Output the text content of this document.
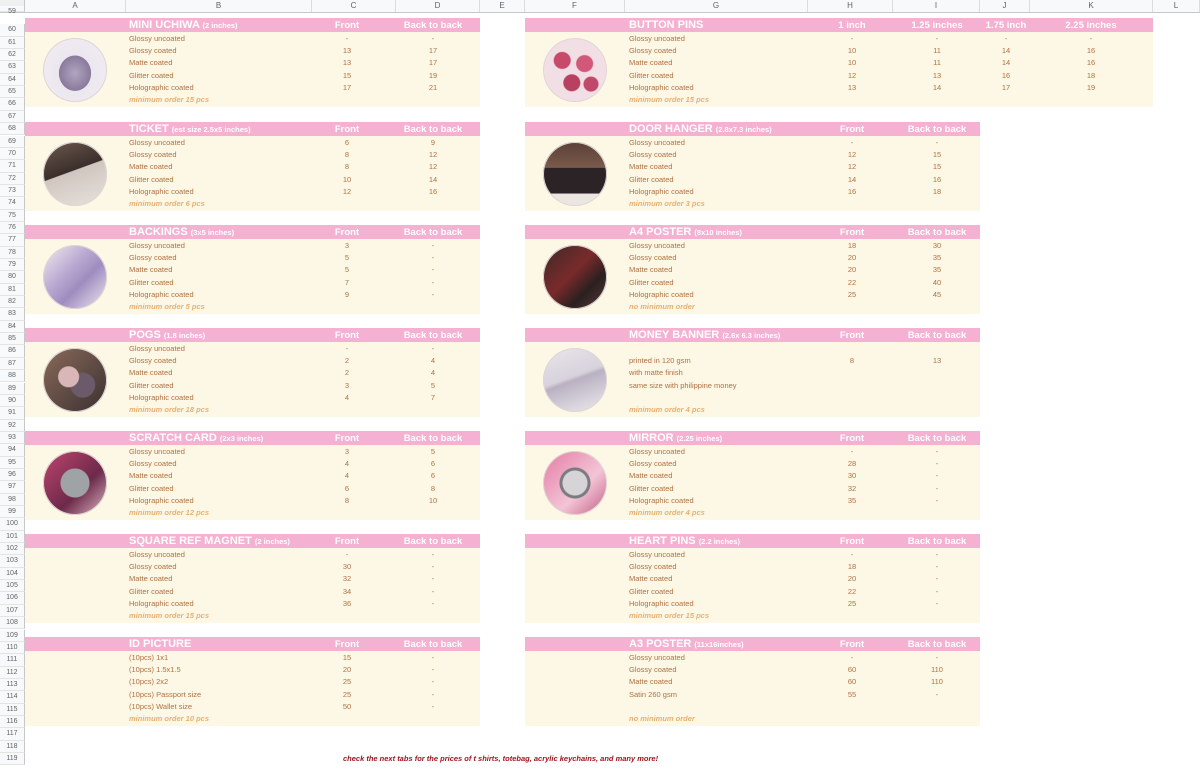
A	B	C	D	E	F	G	H	I	J	K	L
59
60
61
62
63
64
65
66
67
68
69
70
71
72
73
74
75
76
77
78
79
80
81
82
83
84
85
86
87
88
89
90
91
92
93
94
95
96
97
98
99
100
101
102
103
104
105
106
107
108
109
110
111
112
113
114
115
116
117
118
119
MINI UCHIWA (2 inches)	Front	Back to back
Glossy uncoated	-	-
Glossy coated	13	17
Matte coated	13	17
Glitter coated	15	19
Holographic coated	17	21
minimum order 15 pcs
BUTTON PINS	1 inch	1.25 inches	1.75 inch	2.25 inches
Glossy uncoated	-	-	-	-
Glossy coated	10	11	14	16
Matte coated	10	11	14	16
Glitter coated	12	13	16	18
Holographic coated	13	14	17	19
minimum order 15 pcs
TICKET (est size 2.5x5 inches)	Front	Back to back
Glossy uncoated	6	9
Glossy coated	8	12
Matte coated	8	12
Glitter coated	10	14
Holographic coated	12	16
minimum order 6 pcs
DOOR HANGER (2.8x7.3 inches)	Front	Back to back
Glossy uncoated	-	-
Glossy coated	12	15
Matte coated	12	15
Glitter coated	14	16
Holographic coated	16	18
minimum order 3 pcs
BACKINGS (3x5 inches)	Front	Back to back
Glossy uncoated	3	-
Glossy coated	5	-
Matte coated	5	-
Glitter coated	7	-
Holographic coated	9	-
minimum order 5 pcs
A4 POSTER (8x10 inches)	Front	Back to back
Glossy uncoated	18	30
Glossy coated	20	35
Matte coated	20	35
Glitter coated	22	40
Holographic coated	25	45
no minimum order
POGS (1.8 inches)	Front	Back to back
Glossy uncoated	-	-
Glossy coated	2	4
Matte coated	2	4
Glitter coated	3	5
Holographic coated	4	7
minimum order 18 pcs
MONEY BANNER (2.6x 6.3 inches)	Front	Back to back
printed in 120 gsm	8	13
with matte finish
same size with philippine money
minimum order 4 pcs
SCRATCH CARD (2x3 inches)	Front	Back to back
Glossy uncoated	3	5
Glossy coated	4	6
Matte coated	4	6
Glitter coated	6	8
Holographic coated	8	10
minimum order 12 pcs
MIRROR (2.25 inches)	Front	Back to back
Glossy uncoated	-	-
Glossy coated	28	-
Matte coated	30	-
Glitter coated	32	-
Holographic coated	35	-
minimum order 4 pcs
SQUARE REF MAGNET (2 inches)	Front	Back to back
Glossy uncoated	-	-
Glossy coated	30	-
Matte coated	32	-
Glitter coated	34	-
Holographic coated	36	-
minimum order 15 pcs
HEART PINS (2.2 inches)	Front	Back to back
Glossy uncoated	-	-
Glossy coated	18	-
Matte coated	20	-
Glitter coated	22	-
Holographic coated	25	-
minimum order 15 pcs
ID PICTURE	Front	Back to back
(10pcs) 1x1	15	-
(10pcs) 1.5x1.5	20	-
(10pcs) 2x2	25	-
(10pcs) Passport size	25	-
(10pcs) Wallet size	50	-
minimum order 10 pcs
A3 POSTER (11x16inches)	Front	Back to back
Glossy uncoated	-	-
Glossy coated	60	110
Matte coated	60	110
Satin 260 gsm	55	-
no minimum order
check the next tabs for the prices of t shirts, totebag, acrylic keychains, and many more!
